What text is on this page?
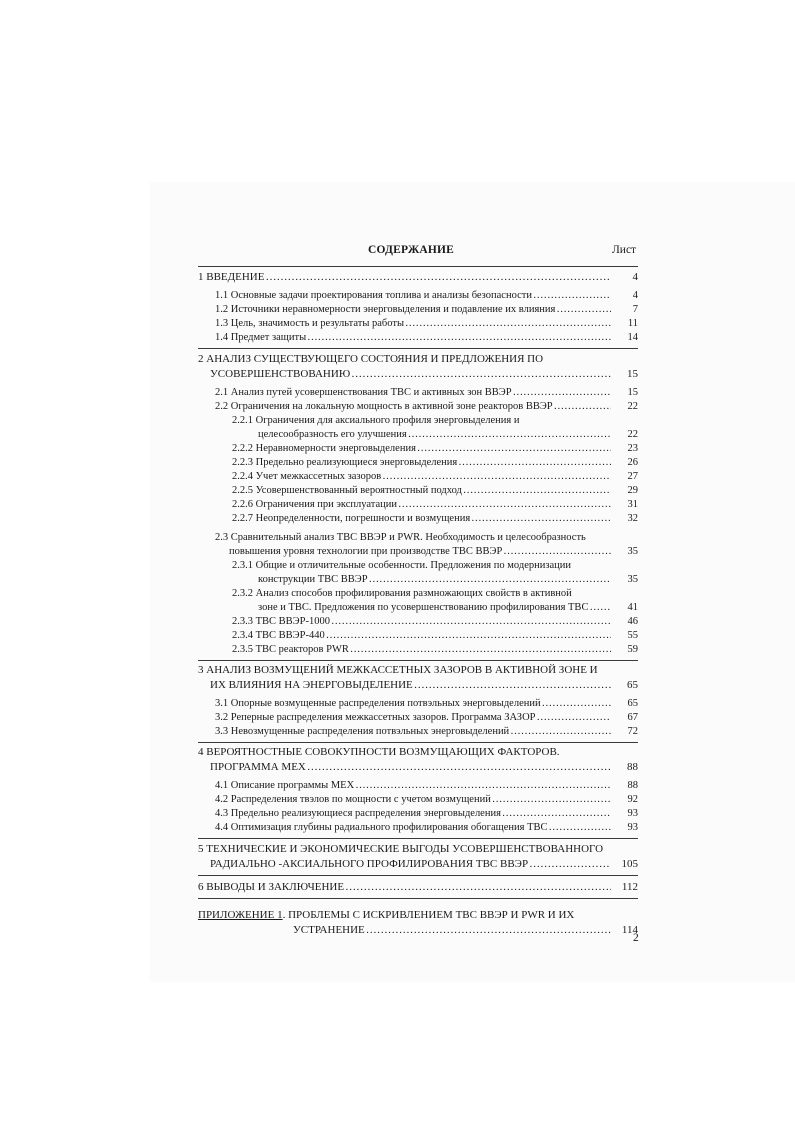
СОДЕРЖАНИЕ	Лист
1 ВВЕДЕНИЕ …………………………………………………………………………………………………………………………………………………………………	4
1.1 Основные задачи проектирования топлива и анализы безопасности …………………………………………………………………………………………………………………………………………………………………	4
1.2 Источники неравномерности энерговыделения и подавление их влияния …………………………………………………………………………………………………………………………………………………………………	7
1.3 Цель, значимость и результаты работы …………………………………………………………………………………………………………………………………………………………………	11
1.4 Предмет защиты …………………………………………………………………………………………………………………………………………………………………	14
2 АНАЛИЗ СУЩЕСТВУЮЩЕГО СОСТОЯНИЯ И ПРЕДЛОЖЕНИЯ ПО
УСОВЕРШЕНСТВОВАНИЮ …………………………………………………………………………………………………………………………………………………………………	15
2.1 Анализ путей усовершенствования ТВС и активных зон ВВЭР …………………………………………………………………………………………………………………………………………………………………	15
2.2 Ограничения на локальную мощность в активной зоне реакторов ВВЭР …………………………………………………………………………………………………………………………………………………………………	22
2.2.1 Ограничения для аксиального профиля энерговыделения и
целесообразность его улучшения …………………………………………………………………………………………………………………………………………………………………	22
2.2.2 Неравномерности энерговыделения …………………………………………………………………………………………………………………………………………………………………	23
2.2.3 Предельно реализующиеся энерговыделения …………………………………………………………………………………………………………………………………………………………………	26
2.2.4 Учет межкассетных зазоров …………………………………………………………………………………………………………………………………………………………………	27
2.2.5 Усовершенствованный вероятностный подход …………………………………………………………………………………………………………………………………………………………………	29
2.2.6 Ограничения при эксплуатации …………………………………………………………………………………………………………………………………………………………………	31
2.2.7 Неопределенности, погрешности и возмущения …………………………………………………………………………………………………………………………………………………………………	32
2.3 Сравнительный анализ ТВС ВВЭР и PWR. Необходимость и целесообразность
повышения уровня технологии при производстве ТВС ВВЭР …………………………………………………………………………………………………………………………………………………………………	35
2.3.1 Общие и отличительные особенности. Предложения по модернизации
конструкции ТВС ВВЭР …………………………………………………………………………………………………………………………………………………………………	35
2.3.2 Анализ способов профилирования размножающих свойств в активной
зоне и ТВС. Предложения по усовершенствованию профилирования ТВС …………………………………………………………………………………………………………………………………………………………………	41
2.3.3 ТВС ВВЭР-1000 …………………………………………………………………………………………………………………………………………………………………	46
2.3.4 ТВС ВВЭР-440 …………………………………………………………………………………………………………………………………………………………………	55
2.3.5 ТВС реакторов PWR …………………………………………………………………………………………………………………………………………………………………	59
3 АНАЛИЗ ВОЗМУЩЕНИЙ МЕЖКАССЕТНЫХ ЗАЗОРОВ В АКТИВНОЙ ЗОНЕ И
ИХ ВЛИЯНИЯ НА ЭНЕРГОВЫДЕЛЕНИЕ …………………………………………………………………………………………………………………………………………………………………	65
3.1 Опорные возмущенные распределения потвэльных энерговыделений …………………………………………………………………………………………………………………………………………………………………	65
3.2 Реперные распределения межкассетных зазоров. Программа ЗАЗОР …………………………………………………………………………………………………………………………………………………………………	67
3.3 Невозмущенные распределения потвэльных энерговыделений …………………………………………………………………………………………………………………………………………………………………	72
4 ВЕРОЯТНОСТНЫЕ СОВОКУПНОСТИ ВОЗМУЩАЮЩИХ ФАКТОРОВ.
ПРОГРАММА МЕХ …………………………………………………………………………………………………………………………………………………………………	88
4.1 Описание программы МЕХ …………………………………………………………………………………………………………………………………………………………………	88
4.2 Распределения твэлов по мощности с учетом возмущений …………………………………………………………………………………………………………………………………………………………………	92
4.3 Предельно реализующиеся распределения энерговыделения …………………………………………………………………………………………………………………………………………………………………	93
4.4 Оптимизация глубины радиального профилирования обогащения ТВС …………………………………………………………………………………………………………………………………………………………………	93
5 ТЕХНИЧЕСКИЕ И ЭКОНОМИЧЕСКИЕ ВЫГОДЫ УСОВЕРШЕНСТВОВАННОГО
РАДИАЛЬНО -АКСИАЛЬНОГО ПРОФИЛИРОВАНИЯ ТВС ВВЭР …………………………………………………………………………………………………………………………………………………………………	105
6 ВЫВОДЫ И ЗАКЛЮЧЕНИЕ …………………………………………………………………………………………………………………………………………………………………	112
ПРИЛОЖЕНИЕ 1. ПРОБЛЕМЫ С ИСКРИВЛЕНИЕМ ТВС ВВЭР И PWR И ИХ
УСТРАНЕНИЕ …………………………………………………………………………………………………………………………………………………………………	114
2
